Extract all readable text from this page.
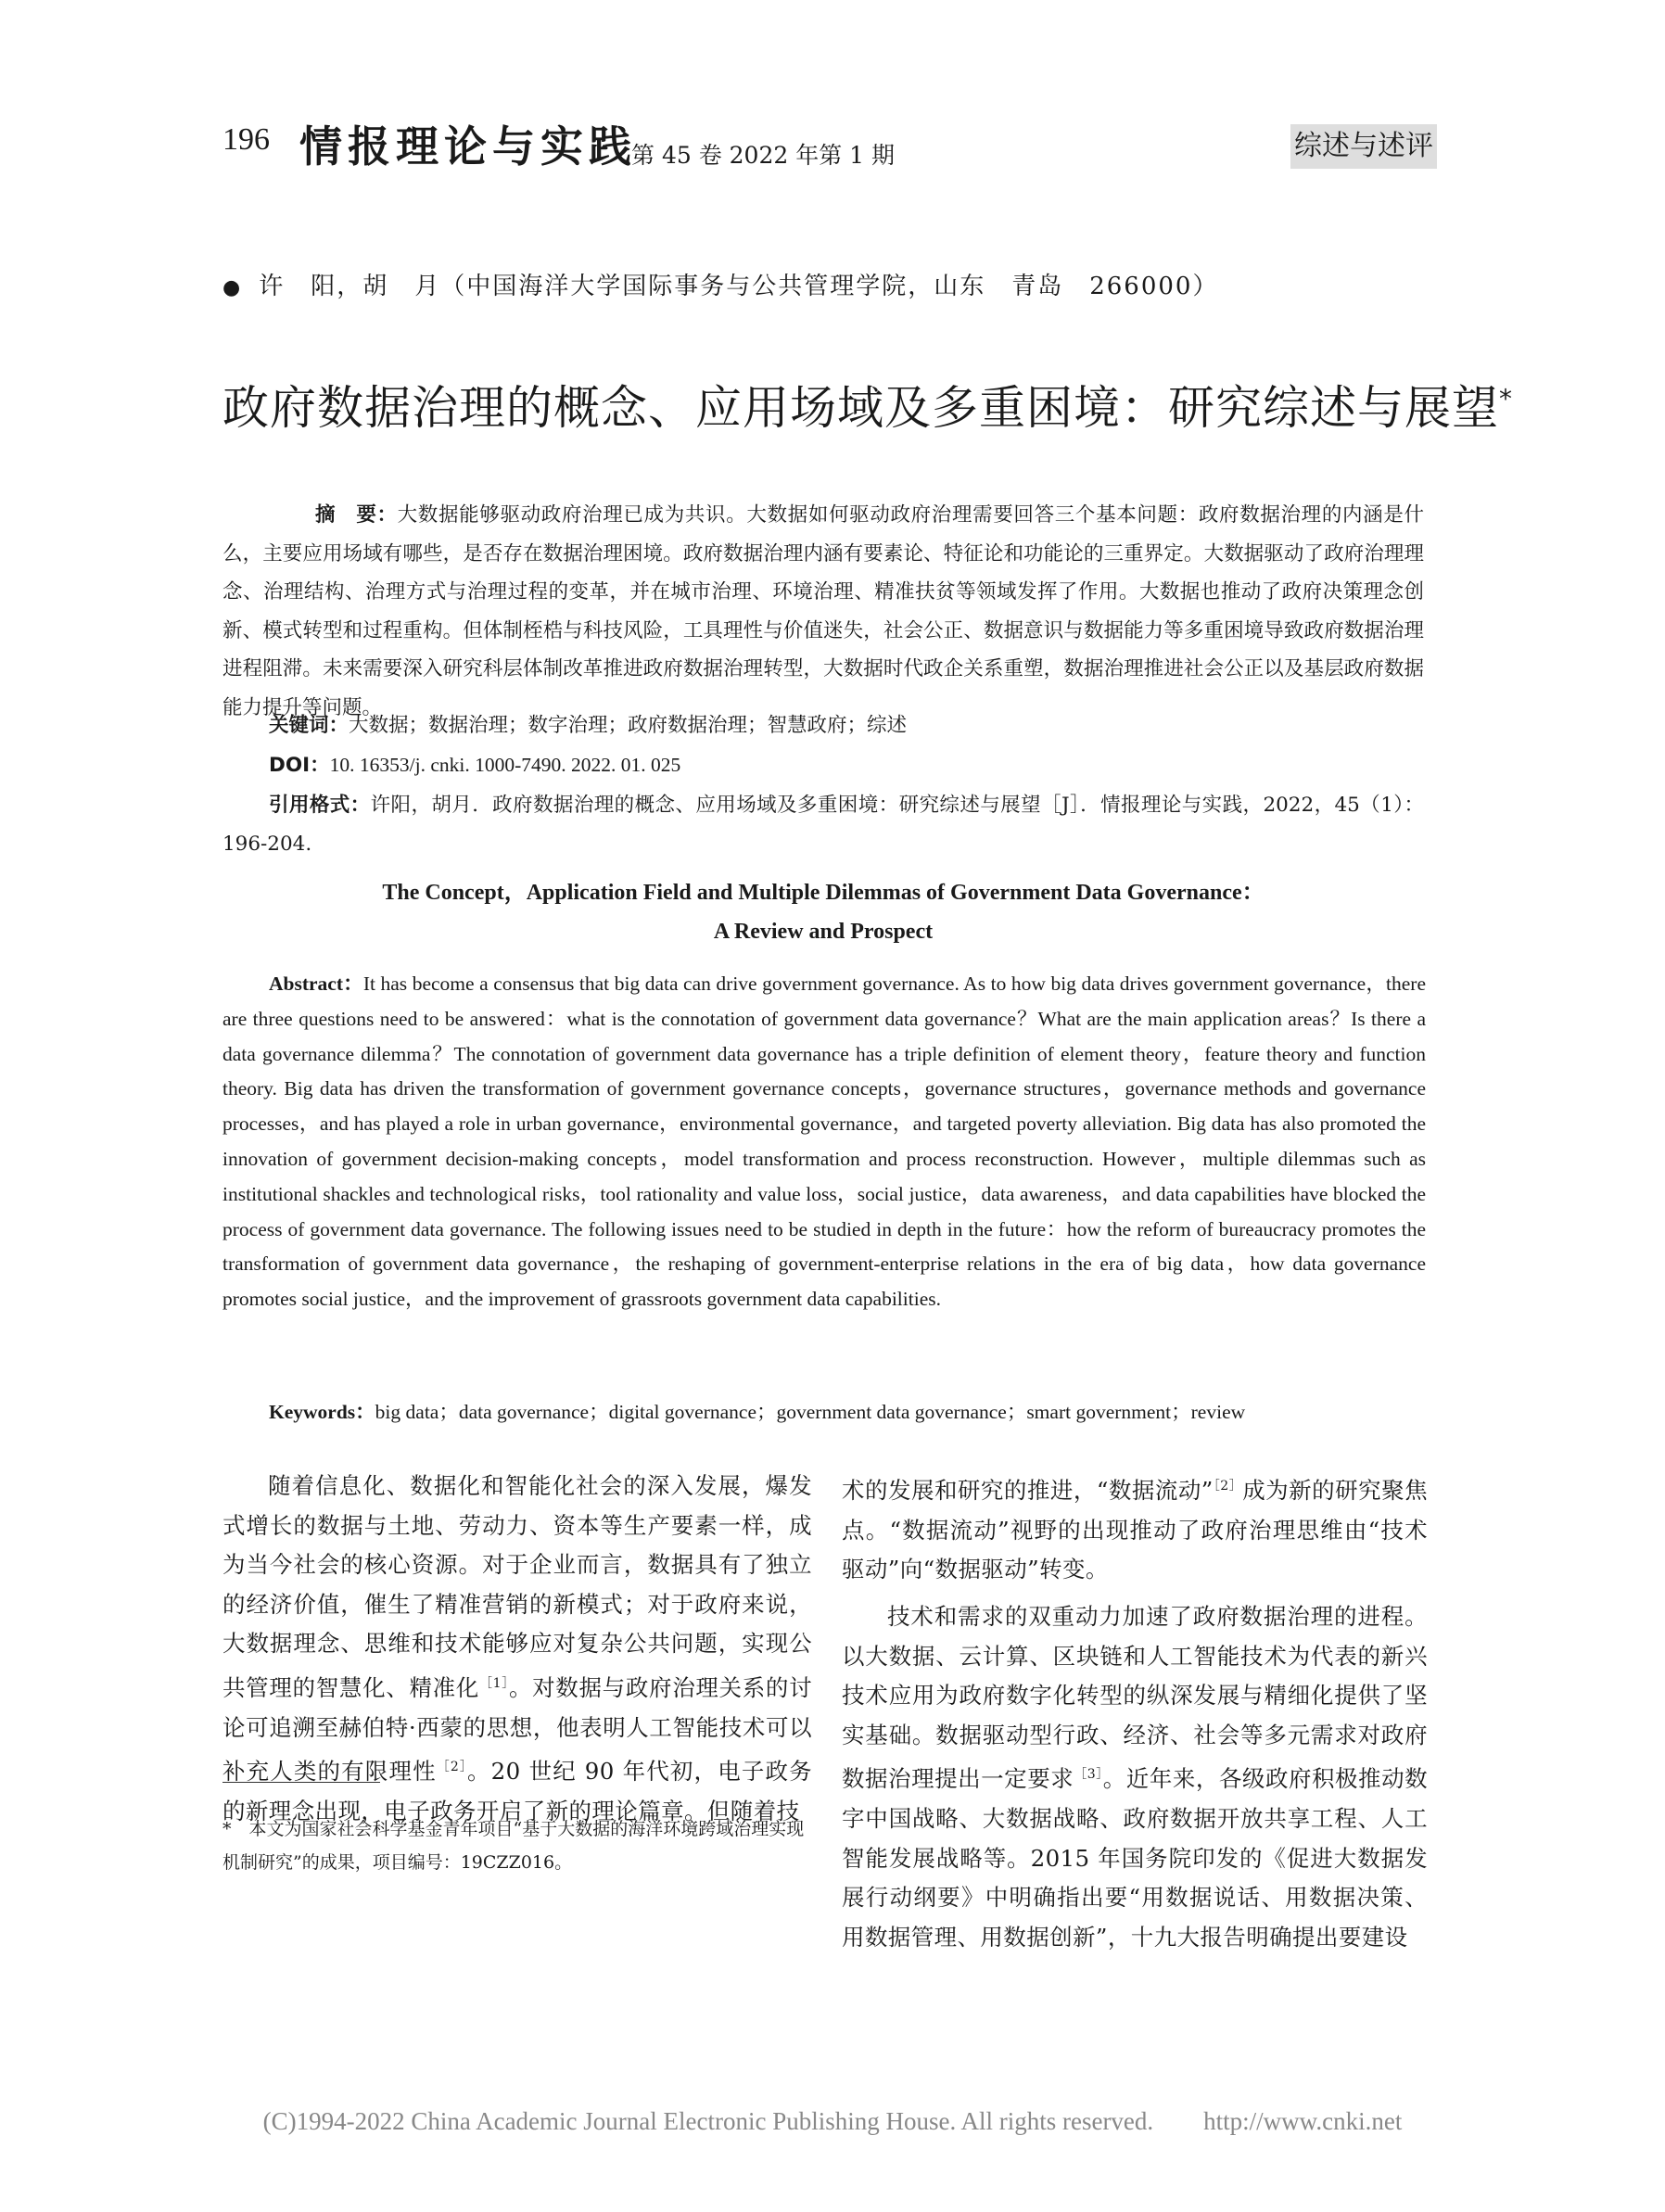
196 情报理论与实践
第 45 卷 2022 年第 1 期	综述与述评
● 许　阳，胡　月（中国海洋大学国际事务与公共管理学院，山东　青岛　266000）
政府数据治理的概念、应用场域及多重困境：研究综述与展望*
摘　要：大数据能够驱动政府治理已成为共识。大数据如何驱动政府治理需要回答三个基本问题：政府数据治理的内涵是什么，主要应用场域有哪些，是否存在数据治理困境。政府数据治理内涵有要素论、特征论和功能论的三重界定。大数据驱动了政府治理理念、治理结构、治理方式与治理过程的变革，并在城市治理、环境治理、精准扶贫等领域发挥了作用。大数据也推动了政府决策理念创新、模式转型和过程重构。但体制桎梏与科技风险，工具理性与价值迷失，社会公正、数据意识与数据能力等多重困境导致政府数据治理进程阻滞。未来需要深入研究科层体制改革推进政府数据治理转型，大数据时代政企关系重塑，数据治理推进社会公正以及基层政府数据能力提升等问题。
关键词：大数据；数据治理；数字治理；政府数据治理；智慧政府；综述
DOI：10. 16353/j. cnki. 1000-7490. 2022. 01. 025
引用格式：许阳，胡月．政府数据治理的概念、应用场域及多重困境：研究综述与展望［J］．情报理论与实践，2022，45（1）：196-204.
The Concept，Application Field and Multiple Dilemmas of Government Data Governance：
A Review and Prospect
Abstract：It has become a consensus that big data can drive government governance. As to how big data drives government governance，there are three questions need to be answered：what is the connotation of government data governance？What are the main application areas？Is there a data governance dilemma？The connotation of government data governance has a triple definition of element theory，feature theory and function theory. Big data has driven the transformation of government governance concepts，governance structures，governance methods and governance processes，and has played a role in urban governance，environmental governance，and targeted poverty alleviation. Big data has also promoted the innovation of government decision-making concepts，model transformation and process reconstruction. However，multiple dilemmas such as institutional shackles and technological risks，tool rationality and value loss，social justice，data awareness，and data capabilities have blocked the process of government data governance. The following issues need to be studied in depth in the future：how the reform of bureaucracy promotes the transformation of government data governance，the reshaping of government-enterprise relations in the era of big data，how data governance promotes social justice，and the improvement of grassroots government data capabilities.
Keywords：big data；data governance；digital governance；government data governance；smart government；review

随着信息化、数据化和智能化社会的深入发展，爆发式增长的数据与土地、劳动力、资本等生产要素一样，成为当今社会的核心资源。对于企业而言，数据具有了独立的经济价值，催生了精准营销的新模式；对于政府来说，大数据理念、思维和技术能够应对复杂公共问题，实现公共管理的智慧化、精准化$^{[1]}$。对数据与政府治理关系的讨论可追溯至赫伯特·西蒙的思想，他表明人工智能技术可以补充人类的有限理性$^{[2]}$。20 世纪 90 年代初，电子政务的新理念出现，电子政务开启了新的理论篇章。但随着技

*　本文为国家社会科学基金青年项目“基于大数据的海洋环境跨域治理实现机制研究”的成果，项目编号：19CZZ016。

术的发展和研究的推进，“数据流动”$^{[2]}$成为新的研究聚焦点。“数据流动”视野的出现推动了政府治理思维由“技术驱动”向“数据驱动”转变。

技术和需求的双重动力加速了政府数据治理的进程。以大数据、云计算、区块链和人工智能技术为代表的新兴技术应用为政府数字化转型的纵深发展与精细化提供了坚实基础。数据驱动型行政、经济、社会等多元需求对政府数据治理提出一定要求$^{[3]}$。近年来，各级政府积极推动数字中国战略、大数据战略、政府数据开放共享工程、人工智能发展战略等。2015 年国务院印发的《促进大数据发展行动纲要》中明确指出要“用数据说话、用数据决策、用数据管理、用数据创新”，十九大报告明确提出要建设

(C)1994-2022 China Academic Journal Electronic Publishing House. All rights reserved.　　http://www.cnki.net
